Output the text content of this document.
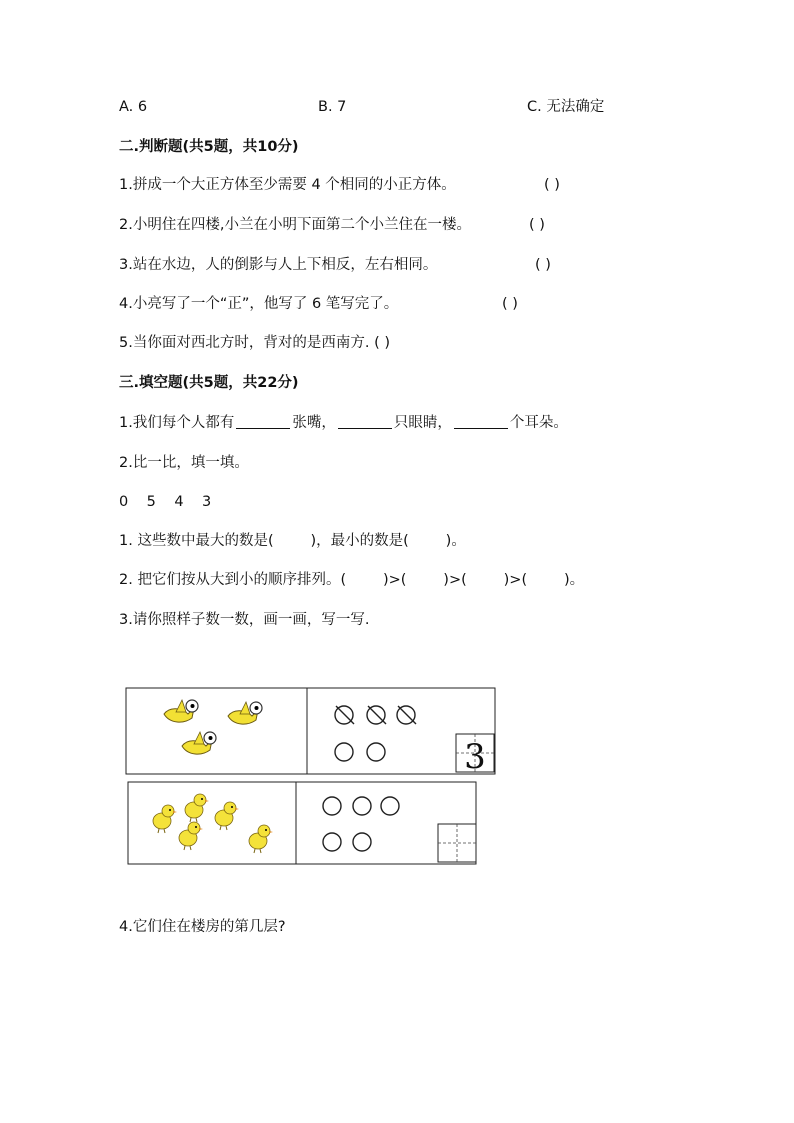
A. 6	B. 7	C. 无法确定
二.判断题(共5题，共10分)
1.拼成一个大正方体至少需要 4 个相同的小正方体。	( )
2.小明住在四楼,小兰在小明下面第二个小兰住在一楼。	( )
3.站在水边，人的倒影与人上下相反，左右相同。	( )
4.小亮写了一个“正”，他写了 6 笔写完了。	( )
5.当你面对西北方时，背对的是西南方. ( )
三.填空题(共5题，共22分)
1.我们每个人都有	张嘴，	只眼睛，	个耳朵。
2.比一比，填一填。
0    5    4    3
1. 这些数中最大的数是(        )，最小的数是(        )。
2. 把它们按从大到小的顺序排列。(        )>(        )>(        )>(        )。
3.请你照样子数一数，画一画，写一写.
3
4.它们住在楼房的第几层?
